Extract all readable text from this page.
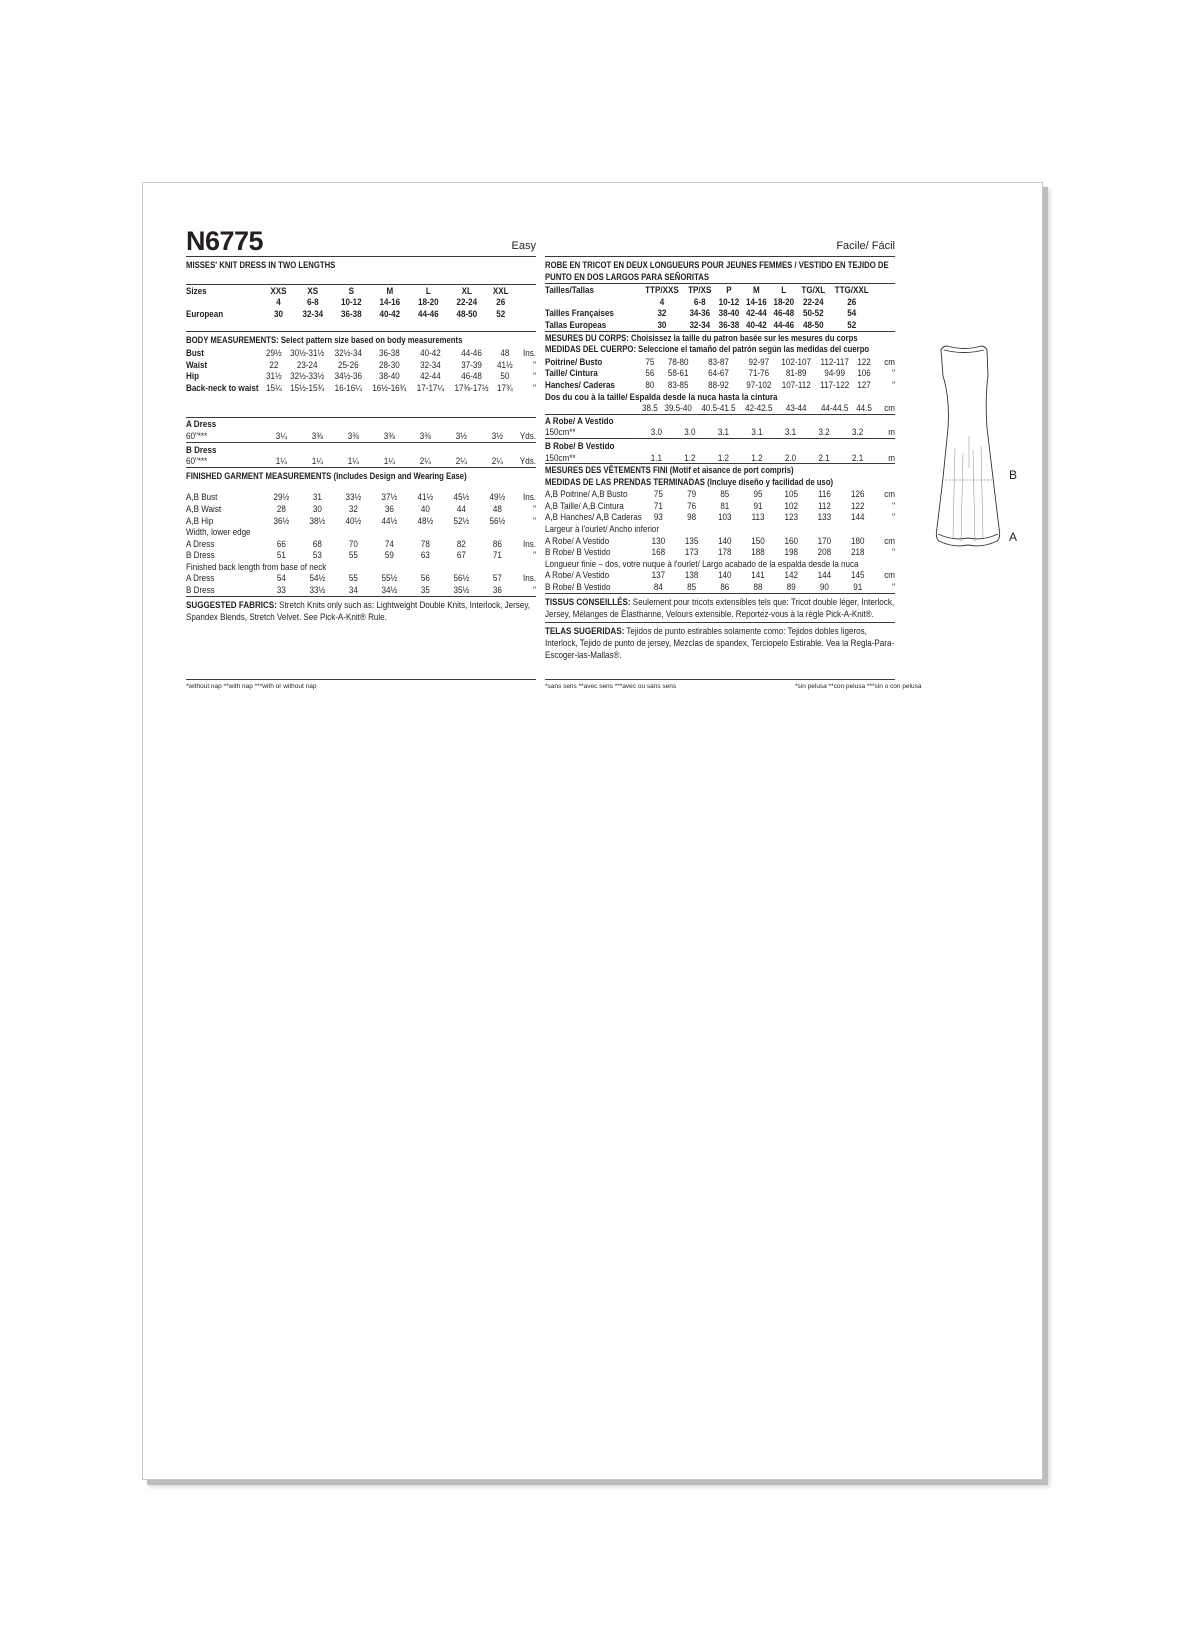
N6775	Easy
MISSES' KNIT DRESS IN TWO LENGTHS
Sizes	XXS	XS	S	M	L	XL	XXL	
	4	6-8	10-12	14-16	18-20	22-24	26	
European	30	32-34	36-38	40-42	44-46	48-50	52	
BODY MEASUREMENTS: Select pattern size based on body measurements
Bust	29½	30½-31½	32½-34	36-38	40-42	44-46	48	Ins.
Waist	22	23-24	25-26	28-30	32-34	37-39	41½	"
Hip	31½	32½-33½	34½-36	38-40	42-44	46-48	50	"
Back-neck to waist	15¼	15½-15¾	16-16¼	16½-16¾	17-17¼	17⅜-17½	17¾	"
A Dress								
60"***	3¼	3⅜	3⅜	3⅜	3⅜	3½	3½	Yds.

B Dress								
60"***	1¼	1¼	1¼	1¼	2¼	2¼	2¼	Yds.
FINISHED GARMENT MEASUREMENTS (Includes Design and Wearing Ease)
A,B Bust	29½	31	33½	37½	41½	45½	49½	Ins.
A,B Waist	28	30	32	36	40	44	48	"
A,B Hip	36½	38½	40½	44½	48½	52½	56½	"
Width, lower edge								
A Dress	66	68	70	74	78	82	86	Ins.
B Dress	51	53	55	59	63	67	71	"
Finished back length from base of neck								
A Dress	54	54½	55	55½	56	56½	57	Ins.
B Dress	33	33½	34	34½	35	35½	36	"
SUGGESTED FABRICS: Stretch Knits only such as: Lightweight Double Knits, Interlock, Jersey, Spandex Blends, Stretch Velvet. See Pick-A-Knit® Rule.
Facile/ Fácil
ROBE EN TRICOT EN DEUX LONGUEURS POUR JEUNES FEMMES / VESTIDO EN TEJIDO DE PUNTO EN DOS LARGOS PARA SEÑORITAS
Tailles/Tallas	TTP/XXS	TP/XS	P	M	L	TG/XL	TTG/XXL	
	4	6-8	10-12	14-16	18-20	22-24	26	
Tailles Françaises	32	34-36	38-40	42-44	46-48	50-52	54	
Tallas Europeas	30	32-34	36-38	40-42	44-46	48-50	52	
MESURES DU CORPS: Choisissez la taille du patron basée sur les mesures du corps
MEDIDAS DEL CUERPO: Seleccione el tamaño del patrón según las medidas del cuerpo
Poitrine/ Busto	75	78-80	83-87	92-97	102-107	112-117	122	cm
Taille/ Cintura	56	58-61	64-67	71-76	81-89	94-99	106	"
Hanches/ Caderas	80	83-85	88-92	97-102	107-112	117-122	127	"
Dos du cou à la taille/ Espalda desde la nuca hasta la cintura								
	38.5	39.5-40	40.5-41.5	42-42.5	43-44	44-44.5	44.5	cm
A Robe/ A Vestido								
150cm**	3.0	3.0	3.1	3.1	3.1	3.2	3.2	m

B Robe/ B Vestido								
150cm**	1.1	1.2	1.2	1.2	2.0	2.1	2.1	m
MESURES DES VÊTEMENTS FINI (Motif et aisance de port compris)
MEDIDAS DE LAS PRENDAS TERMINADAS (Incluye diseño y facilidad de uso)
A,B Poitrine/ A,B Busto	75	79	85	95	105	116	126	cm
A,B Taille/ A,B Cintura	71	76	81	91	102	112	122	"
A,B Hanches/ A,B Caderas	93	98	103	113	123	133	144	"
Largeur à l'ourlet/ Ancho inferior								
A Robe/ A Vestido	130	135	140	150	160	170	180	cm
B Robe/ B Vestido	168	173	178	188	198	208	218	"
Longueur finie – dos, votre nuque à l'ourlet/ Largo acabado de la espalda desde la nuca								
A Robe/ A Vestido	137	138	140	141	142	144	145	cm
B Robe/ B Vestido	84	85	86	88	89	90	91	"
TISSUS CONSEILLÉS: Seulement pour tricots extensibles tels que: Tricot double léger, Interlock, Jersey, Mélanges de Élasthanne, Velours extensible. Reportez-vous à la règle Pick-A-Knit®.
TELAS SUGERIDAS: Tejidos de punto estirables solamente como: Tejidos dobles ligeros, Interlock, Tejido de punto de jersey, Mezclas de spandex, Terciopelo Estirable. Vea la Regla-Para-Escoger-las-Mallas®.
*without nap **with nap ***with or without nap	*sans sens **avec sens ***avec ou sans sens	*sin pelusa **con pelusa ***sin o con pelusa
B
A
